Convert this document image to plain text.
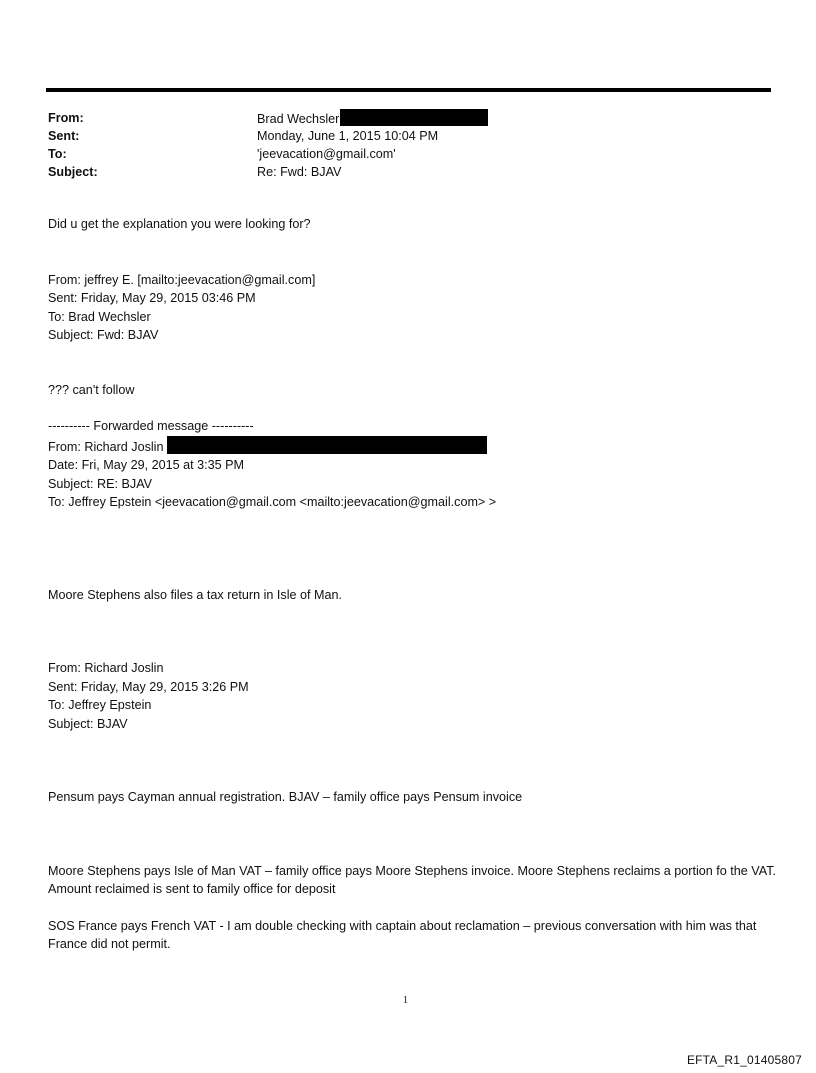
From:	Brad Wechsler
Sent:	Monday, June 1, 2015 10:04 PM
To:	'jeevacation@gmail.com'
Subject:	Re: Fwd: BJAV

Did u get the explanation you were looking for?

From: jeffrey E. [mailto:jeevacation@gmail.com]

Sent: Friday, May 29, 2015 03:46 PM

To: Brad Wechsler

Subject: Fwd: BJAV

??? can't follow

---------- Forwarded message ----------

From: Richard Joslin

Date: Fri, May 29, 2015 at 3:35 PM

Subject: RE: BJAV

To: Jeffrey Epstein <jeevacation@gmail.com <mailto:jeevacation@gmail.com> >

Moore Stephens also files a tax return in Isle of Man.

From: Richard Joslin

Sent: Friday, May 29, 2015 3:26 PM

To: Jeffrey Epstein

Subject: BJAV

Pensum pays Cayman annual registration. BJAV – family office pays Pensum invoice

Moore Stephens pays Isle of Man VAT – family office pays Moore Stephens invoice. Moore Stephens reclaims a portion fo the VAT. Amount reclaimed is sent to family office for deposit

SOS France pays French VAT - I am double checking with captain about reclamation – previous conversation with him was that France did not permit.

1
EFTA_R1_01405807
